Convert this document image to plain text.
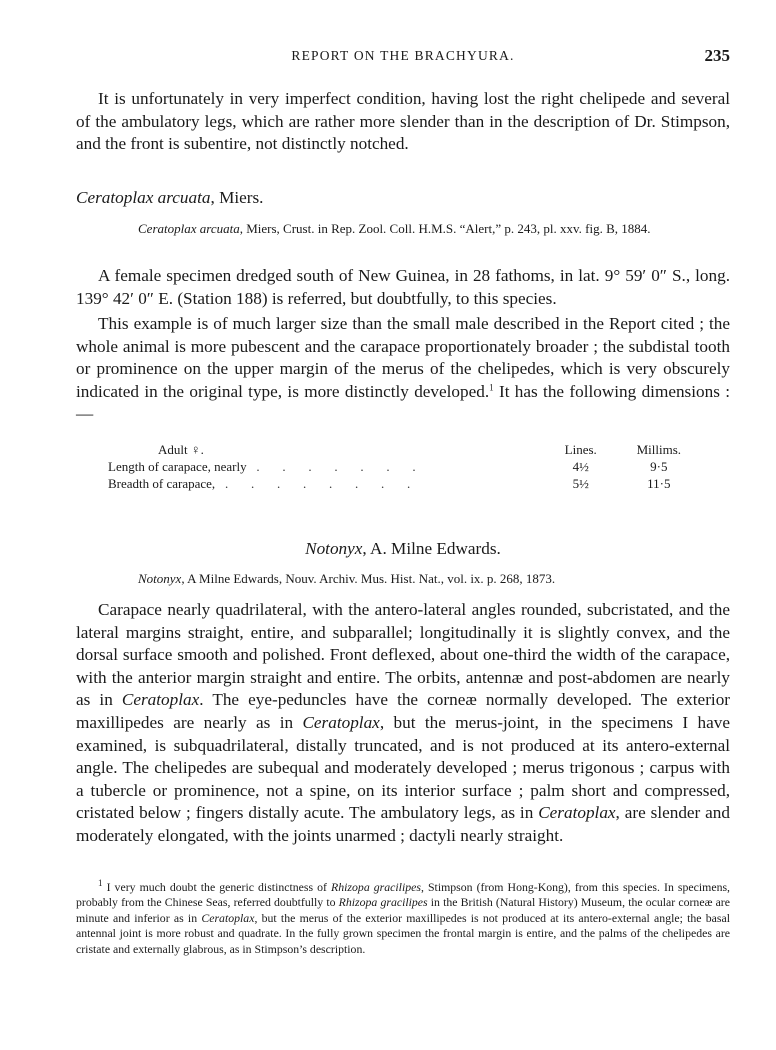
REPORT ON THE BRACHYURA.	235

It is unfortunately in very imperfect condition, having lost the right chelipede and several of the ambulatory legs, which are rather more slender than in the description of Dr. Stimpson, and the front is subentire, not distinctly notched.

Ceratoplax arcuata, Miers.

Ceratoplax arcuata, Miers, Crust. in Rep. Zool. Coll. H.M.S. “Alert,” p. 243, pl. xxv. fig. B, 1884.

A female specimen dredged south of New Guinea, in 28 fathoms, in lat. 9° 59′ 0″ S., long. 139° 42′ 0″ E. (Station 188) is referred, but doubtfully, to this species.

This example is of much larger size than the small male described in the Report cited ; the whole animal is more pubescent and the carapace proportionately broader ; the subdistal tooth or prominence on the upper margin of the merus of the chelipedes, which is very obscurely indicated in the original type, is more distinctly developed.$^1$ It has the following dimensions :—

Adult ♀.	Lines.	Millims.
Length of carapace, nearly .       .       .       .       .       .       .	4½	9·5
Breadth of carapace, .       .       .       .       .       .       .       .	5½	11·5

Notonyx, A. Milne Edwards.

Notonyx, A Milne Edwards, Nouv. Archiv. Mus. Hist. Nat., vol. ix. p. 268, 1873.

Carapace nearly quadrilateral, with the antero-lateral angles rounded, subcristated, and the lateral margins straight, entire, and subparallel; longitudinally it is slightly convex, and the dorsal surface smooth and polished. Front deflexed, about one-third the width of the carapace, with the anterior margin straight and entire. The orbits, antennæ and post-abdomen are nearly as in Ceratoplax. The eye-peduncles have the corneæ normally developed. The exterior maxillipedes are nearly as in Ceratoplax, but the merus-joint, in the specimens I have examined, is subquadrilateral, distally truncated, and is not produced at its antero-external angle. The chelipedes are subequal and moderately developed ; merus trigonous ; carpus with a tubercle or prominence, not a spine, on its interior surface ; palm short and compressed, cristated below ; fingers distally acute. The ambulatory legs, as in Ceratoplax, are slender and moderately elongated, with the joints unarmed ; dactyli nearly straight.

$^1$ I very much doubt the generic distinctness of Rhizopa gracilipes, Stimpson (from Hong-Kong), from this species. In specimens, probably from the Chinese Seas, referred doubtfully to Rhizopa gracilipes in the British (Natural History) Museum, the ocular corneæ are minute and inferior as in Ceratoplax, but the merus of the exterior maxillipedes is not produced at its antero-external angle; the basal antennal joint is more robust and quadrate. In the fully grown specimen the frontal margin is entire, and the palms of the chelipedes are cristate and externally glabrous, as in Stimpson’s description.
